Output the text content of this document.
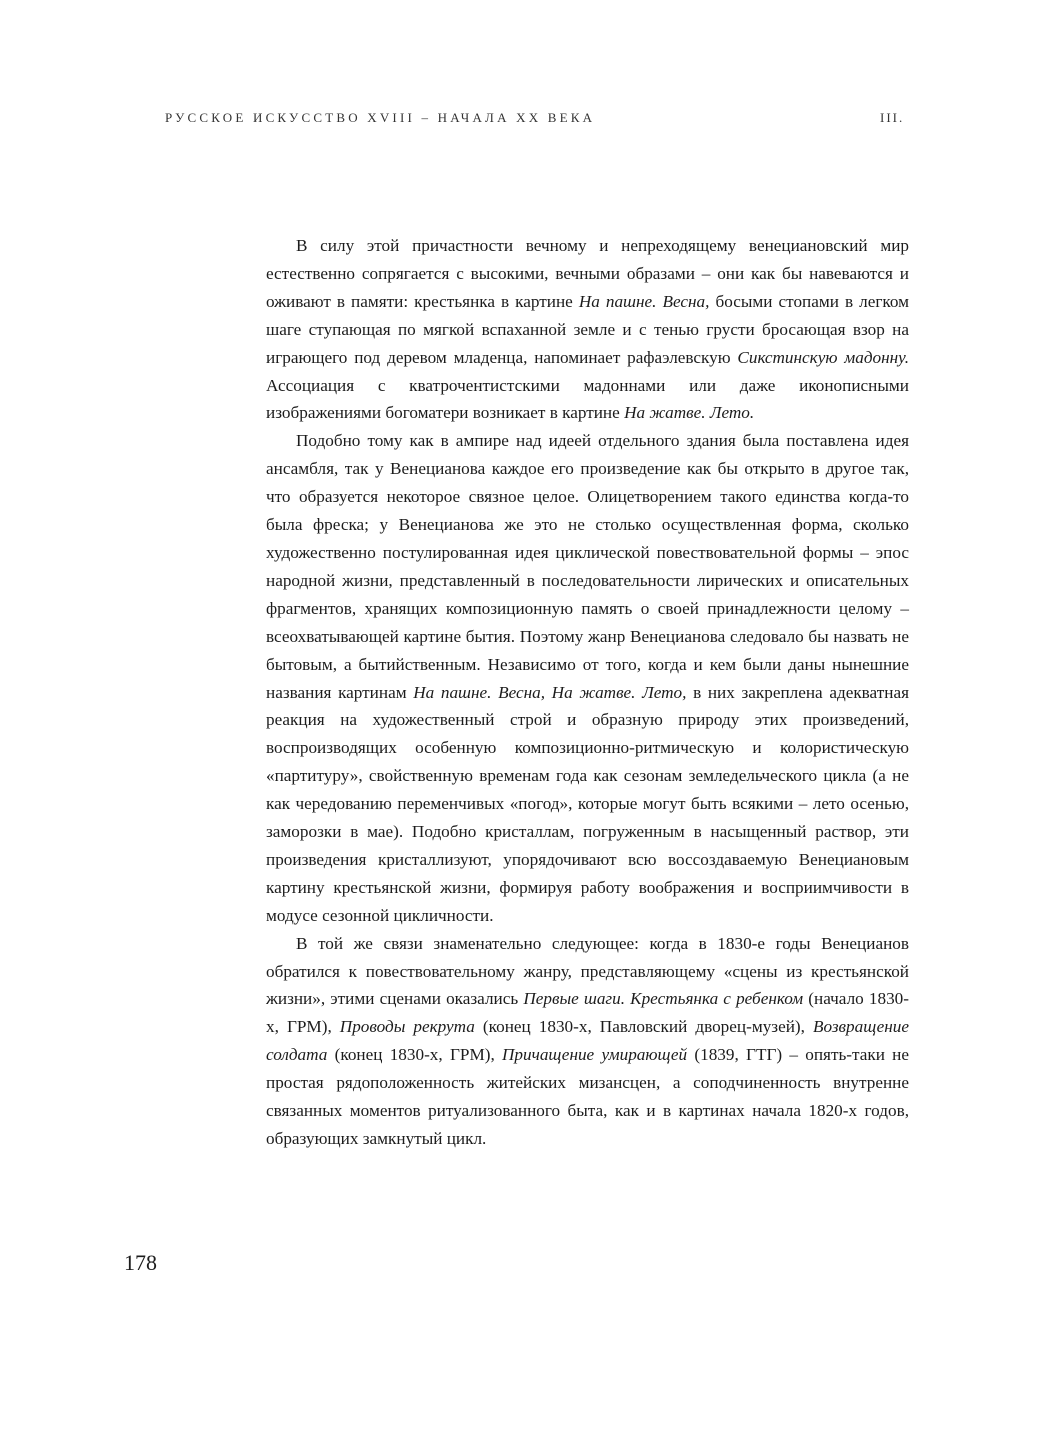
РУССКОЕ ИСКУССТВО XVIII – НАЧАЛА XX ВЕКА	III.

В силу этой причастности вечному и непреходящему венециановский мир естественно сопрягается с высокими, вечными образами – они как бы навеваются и оживают в памяти: крестьянка в картине На пашне. Весна, босыми стопами в легком шаге ступающая по мягкой вспаханной земле и с тенью грусти бросающая взор на играющего под деревом младенца, напоминает рафаэлевскую Сикстинскую мадонну. Ассоциация с кватрочентистскими мадоннами или даже иконописными изображениями богоматери возникает в картине На жатве. Лето.

Подобно тому как в ампире над идеей отдельного здания была поставлена идея ансамбля, так у Венецианова каждое его произведение как бы открыто в другое так, что образуется некоторое связное целое. Олицетворением такого единства когда-то была фреска; у Венецианова же это не столько осуществленная форма, сколько художественно постулированная идея циклической повествовательной формы – эпос народной жизни, представленный в последовательности лирических и описательных фрагментов, хранящих композиционную память о своей принадлежности целому – всеохватывающей картине бытия. Поэтому жанр Венецианова следовало бы назвать не бытовым, а бытийственным. Независимо от того, когда и кем были даны нынешние названия картинам На пашне. Весна, На жатве. Лето, в них закреплена адекватная реакция на художественный строй и образную природу этих произведений, воспроизводящих особенную композиционно-ритмическую и колористическую «партитуру», свойственную временам года как сезонам земледельческого цикла (а не как чередованию переменчивых «погод», которые могут быть всякими – лето осенью, заморозки в мае). Подобно кристаллам, погруженным в насыщенный раствор, эти произведения кристаллизуют, упорядочивают всю воссоздаваемую Венециановым картину крестьянской жизни, формируя работу воображения и восприимчивости в модусе сезонной цикличности.

В той же связи знаменательно следующее: когда в 1830-е годы Венецианов обратился к повествовательному жанру, представляющему «сцены из крестьянской жизни», этими сценами оказались Первые шаги. Крестьянка с ребенком (начало 1830-х, ГРМ), Проводы рекрута (конец 1830-х, Павловский дворец-музей), Возвращение солдата (конец 1830-х, ГРМ), Причащение умирающей (1839, ГТГ) – опять-таки не простая рядоположенность житейских мизансцен, а соподчиненность внутренне связанных моментов ритуализованного быта, как и в картинах начала 1820-х годов, образующих замкнутый цикл.

178
